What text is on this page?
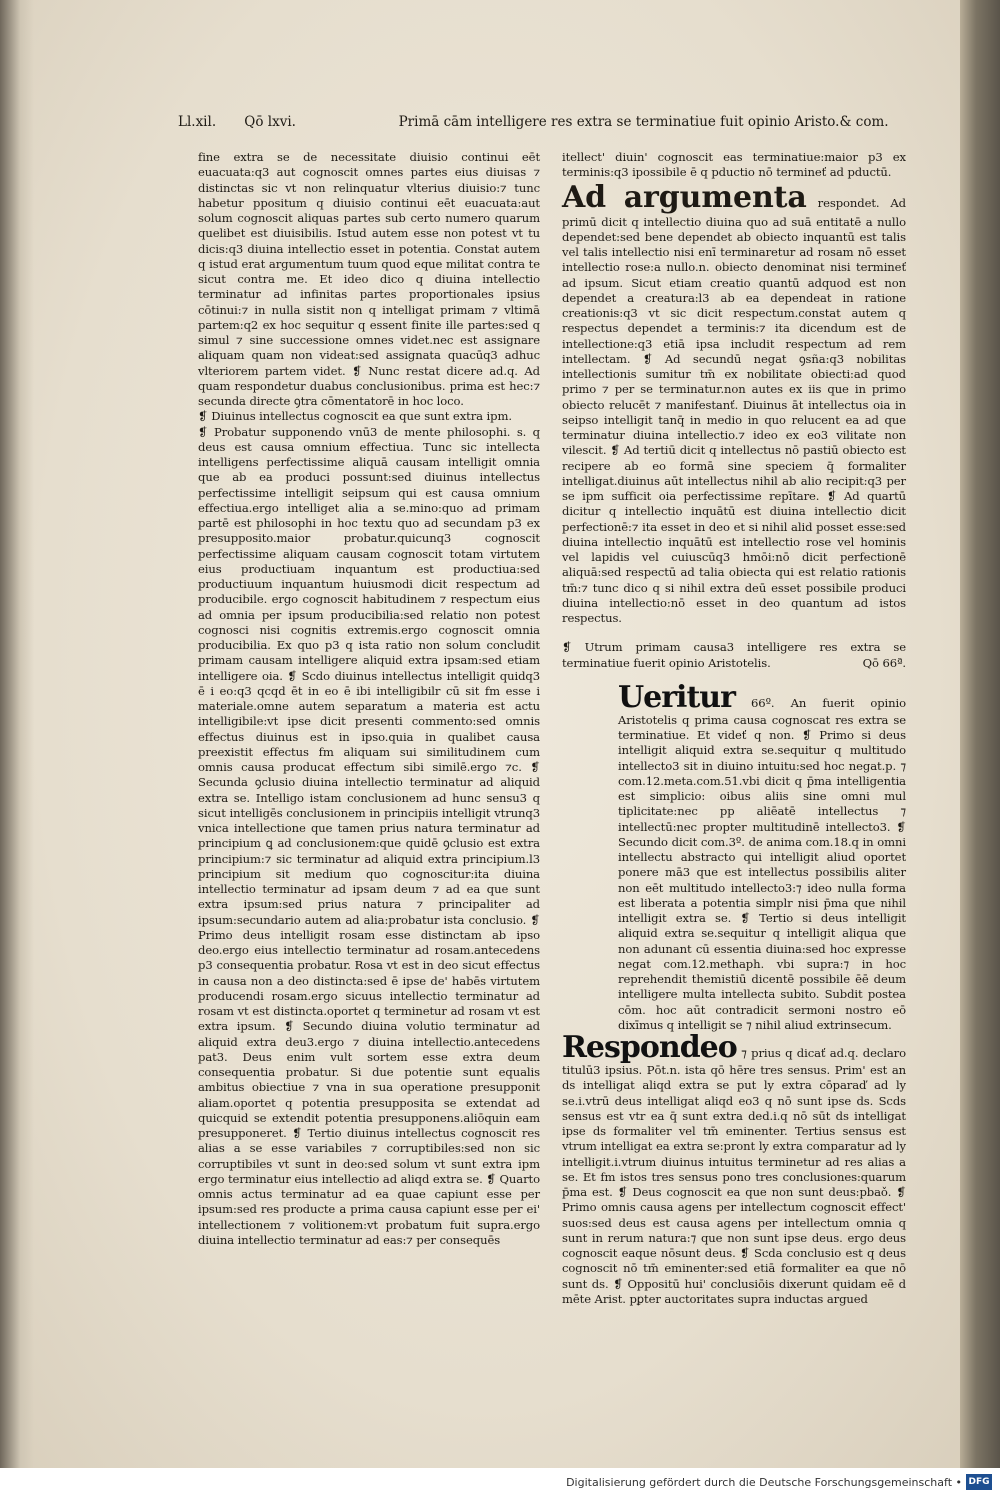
Ll.xil. Qō lxvi.	Primā cām intelligere res extra se terminatiue fuit opinio Aristo.& com.

fine extra se de necessitate diuisio continui eēt euacuata:q3 aut cognoscit omnes partes eius diuisas ⁊ distinctas sic vt non relinquatur vlterius diuisio:⁊ tunc habetur ppositum q diuisio continui eēt euacuata:aut solum cognoscit aliquas partes sub certo numero quarum quelibet est diuisibilis. Istud autem esse non potest vt tu dicis:q3 diuina intellectio esset in potentia. Constat autem q istud erat argumentum tuum quod eque militat contra te sicut contra me. Et ideo dico q diuina intellectio terminatur ad infinitas partes proportionales ipsius cōtinui:⁊ in nulla sistit non q intelligat primam ⁊ vltimā partem:q2 ex hoc sequitur q essent finite ille partes:sed q simul ⁊ sine successione omnes videt.nec est assignare aliquam quam non videat:sed assignata quacūq3 adhuc vlteriorem partem videt. ❡ Nunc restat dicere ad.q. Ad quam respondetur duabus conclusionibus. prima est hec:⁊ secunda directe ꝯtra cōmentatorē in hoc loco.

❡ Diuinus intellectus cognoscit ea que sunt extra ipm.

❡ Probatur supponendo vnū3 de mente philosophi. s. q deus est causa omnium effectiua. Tunc sic intellecta intelligens perfectissime aliquā causam intelligit omnia que ab ea produci possunt:sed diuinus intellectus perfectissime intelligit seipsum qui est causa omnium effectiua.ergo intelliget alia a se.mino:quo ad primam partē est philosophi in hoc textu quo ad secundam p3 ex presupposito.maior probatur.quicunq3 cognoscit perfectissime aliquam causam cognoscit totam virtutem eius productiuam inquantum est productiua:sed productiuum inquantum huiusmodi dicit respectum ad producibile. ergo cognoscit habitudinem ⁊ respectum eius ad omnia per ipsum producibilia:sed relatio non potest cognosci nisi cognitis extremis.ergo cognoscit omnia producibilia. Ex quo p3 q ista ratio non solum concludit primam causam intelligere aliquid extra ipsam:sed etiam intelligere oia. ❡ Scdo diuinus intellectus intelligit quidq3 ē i eo:q3 qcqd ēt in eo ē ibi intelligibilr cū sit fm esse i materiale.omne autem separatum a materia est actu intelligibile:vt ipse dicit presenti commento:sed omnis effectus diuinus est in ipso.quia in qualibet causa preexistit effectus fm aliquam sui similitudinem cum omnis causa producat effectum sibi similē.ergo ⁊c. ❡ Secunda ꝯclusio diuina intellectio terminatur ad aliquid extra se. Intelligo istam conclusionem ad hunc sensu3 q sicut intelligēs conclusionem in principiis intelligit vtrunq3 vnica intellectione que tamen prius natura terminatur ad principium ꝗ ad conclusionem:que quidē ꝯclusio est extra principium:⁊ sic terminatur ad aliquid extra principium.l3 principium sit medium quo cognoscitur:ita diuina intellectio terminatur ad ipsam deum ⁊ ad ea que sunt extra ipsum:sed prius natura ⁊ principaliter ad ipsum:secundario autem ad alia:probatur ista conclusio. ❡ Primo deus intelligit rosam esse distinctam ab ipso deo.ergo eius intellectio terminatur ad rosam.antecedens p3 consequentia probatur. Rosa vt est in deo sicut effectus in causa non a deo distincta:sed ē ipse de' habēs virtutem producendi rosam.ergo sicuus intellectio terminatur ad rosam vt est distincta.oportet q terminetur ad rosam vt est extra ipsum. ❡ Secundo diuina volutio terminatur ad aliquid extra deu3.ergo ⁊ diuina intellectio.antecedens pat3. Deus enim vult sortem esse extra deum consequentia probatur. Si due potentie sunt equalis ambitus obiectiue ⁊ vna in sua operatione presupponit aliam.oportet q potentia presupposita se extendat ad quicquid se extendit potentia presupponens.aliōquin eam presupponeret. ❡ Tertio diuinus intellectus cognoscit res alias a se esse variabiles ⁊ corruptibiles:sed non sic corruptibiles vt sunt in deo:sed solum vt sunt extra ipm ergo terminatur eius intellectio ad aliqd extra se. ❡ Quarto omnis actus terminatur ad ea quae capiunt esse per ipsum:sed res producte a prima causa capiunt esse per ei' intellectionem ⁊ volitionem:vt probatum fuit supra.ergo diuina intellectio terminatur ad eas:⁊ per consequēs

itellect' diuin' cognoscit eas terminatiue:maior p3 ex terminis:q3 ipossibile ē q pductio nō termineť ad pductū.

Ad argumenta respondet. Ad primū dicit q intellectio diuina quo ad suā entitatē a nullo dependet:sed bene dependet ab obiecto inquantū est talis vel talis intellectio nisi enī terminaretur ad rosam nō esset intellectio rose:a nullo.n. obiecto denominat nisi termineť ad ipsum. Sicut etiam creatio quantū adquod est non dependet a creatura:l3 ab ea dependeat in ratione creationis:q3 vt sic dicit respectum.constat autem q respectus dependet a terminis:⁊ ita dicendum est de intellectione:q3 etiā ipsa includit respectum ad rem intellectam. ❡ Ad secundū negat ꝯsña:q3 nobilitas intellectionis sumitur tm̄ ex nobilitate obiecti:ad quod primo ⁊ per se terminatur.non autes ex iis que in primo obiecto relucēt ⁊ manifestanť. Diuinus āt intellectus oia in seipso intelligit tanq̄ in medio in quo relucent ea ad que terminatur diuina intellectio.⁊ ideo ex eo3 vilitate non vilescit. ❡ Ad tertiū dicit q intellectus nō pastiū obiecto est recipere ab eo formā sine speciem q̄ formaliter intelligat.diuinus aūt intellectus nihil ab alio recipit:q3 per se ipm sufficit oia perfectissime repītare. ❡ Ad quartū dicitur q intellectio inquātū est diuina intellectio dicit perfectionē:⁊ ita esset in deo et si nihil alid posset esse:sed diuina intellectio inquātū est intellectio rose vel hominis vel lapidis vel cuiuscūq3 hmōi:nō dicit perfectionē aliquā:sed respectū ad talia obiecta qui est relatio rationis tm̄:⁊ tunc dico q si nihil extra deū esset possibile produci diuina intellectio:nō esset in deo quantum ad istos respectus.

❡ Utrum primam causa3 intelligere res extra se terminatiue fuerit opinio Aristotelis.	Qō 66ª.

Ueritur 66º. An fuerit opinio Aristotelis q prima causa cognoscat res extra se terminatiue. Et videť q non. ❡ Primo si deus intelligit aliquid extra se.sequitur q multitudo intellecto3 sit in diuino intuitu:sed hoc negat.p. ⁊ com.12.meta.com.51.vbi dicit q p̄ma intelligentia est simplicio: oibus aliis sine omni mul tiplicitate:nec pp aliēatē intellectus ⁊ intellectū:nec propter multitudinē intellecto3. ❡ Secundo dicit com.3º. de anima com.18.q in omni intellectu abstracto qui intelligit aliud oportet ponere mā3 que est intellectus possibilis aliter non eēt multitudo intellecto3:⁊ ideo nulla forma est liberata a potentia simplr nisi p̄ma que nihil intelligit extra se. ❡ Tertio si deus intelligit aliquid extra se.sequitur q intelligit aliqua que non adunant cū essentia diuina:sed hoc expresse negat com.12.methaph. vbi supra:⁊ in hoc reprehendit themistiū dicentē possibile ēē deum intelligere multa intellecta subito. Subdit postea cōm. hoc aūt contradicit sermoni nostro eō dixīmus q intelligit se ⁊ nihil aliud extrinsecum.

Respondeo ⁊ prius q dicať ad.q. declaro titulū3 ipsius. Pōt.n. ista qō hēre tres sensus. Prim' est an ds intelligat aliqd extra se put ly extra cōparaď ad ly se.i.vtrū deus intelligat aliqd eo3 q nō sunt ipse ds. Scds sensus est vtr ea q̄ sunt extra ded.i.q nō sūt ds intelligat ipse ds formaliter vel tm̄ eminenter. Tertius sensus est vtrum intelligat ea extra se:pront ly extra comparatur ad ly intelligit.i.vtrum diuinus intuitus terminetur ad res alias a se. Et fm istos tres sensus pono tres conclusiones:quarum p̄ma est. ❡ Deus cognoscit ea que non sunt deus:pbaǒ. ❡ Primo omnis causa agens per intellectum cognoscit effect' suos:sed deus est causa agens per intellectum omnia q sunt in rerum natura:⁊ que non sunt ipse deus. ergo deus cognoscit eaque nōsunt deus. ❡ Scda conclusio est q deus cognoscit nō tm̄ eminenter:sed etiā formaliter ea que nō sunt ds. ❡ Oppositū hui' conclusiōis dixerunt quidam eē d mēte Arist. pꝑter auctoritates supra inductas argued

Digitalisierung gefördert durch die Deutsche Forschungsgemeinschaft • DFG
